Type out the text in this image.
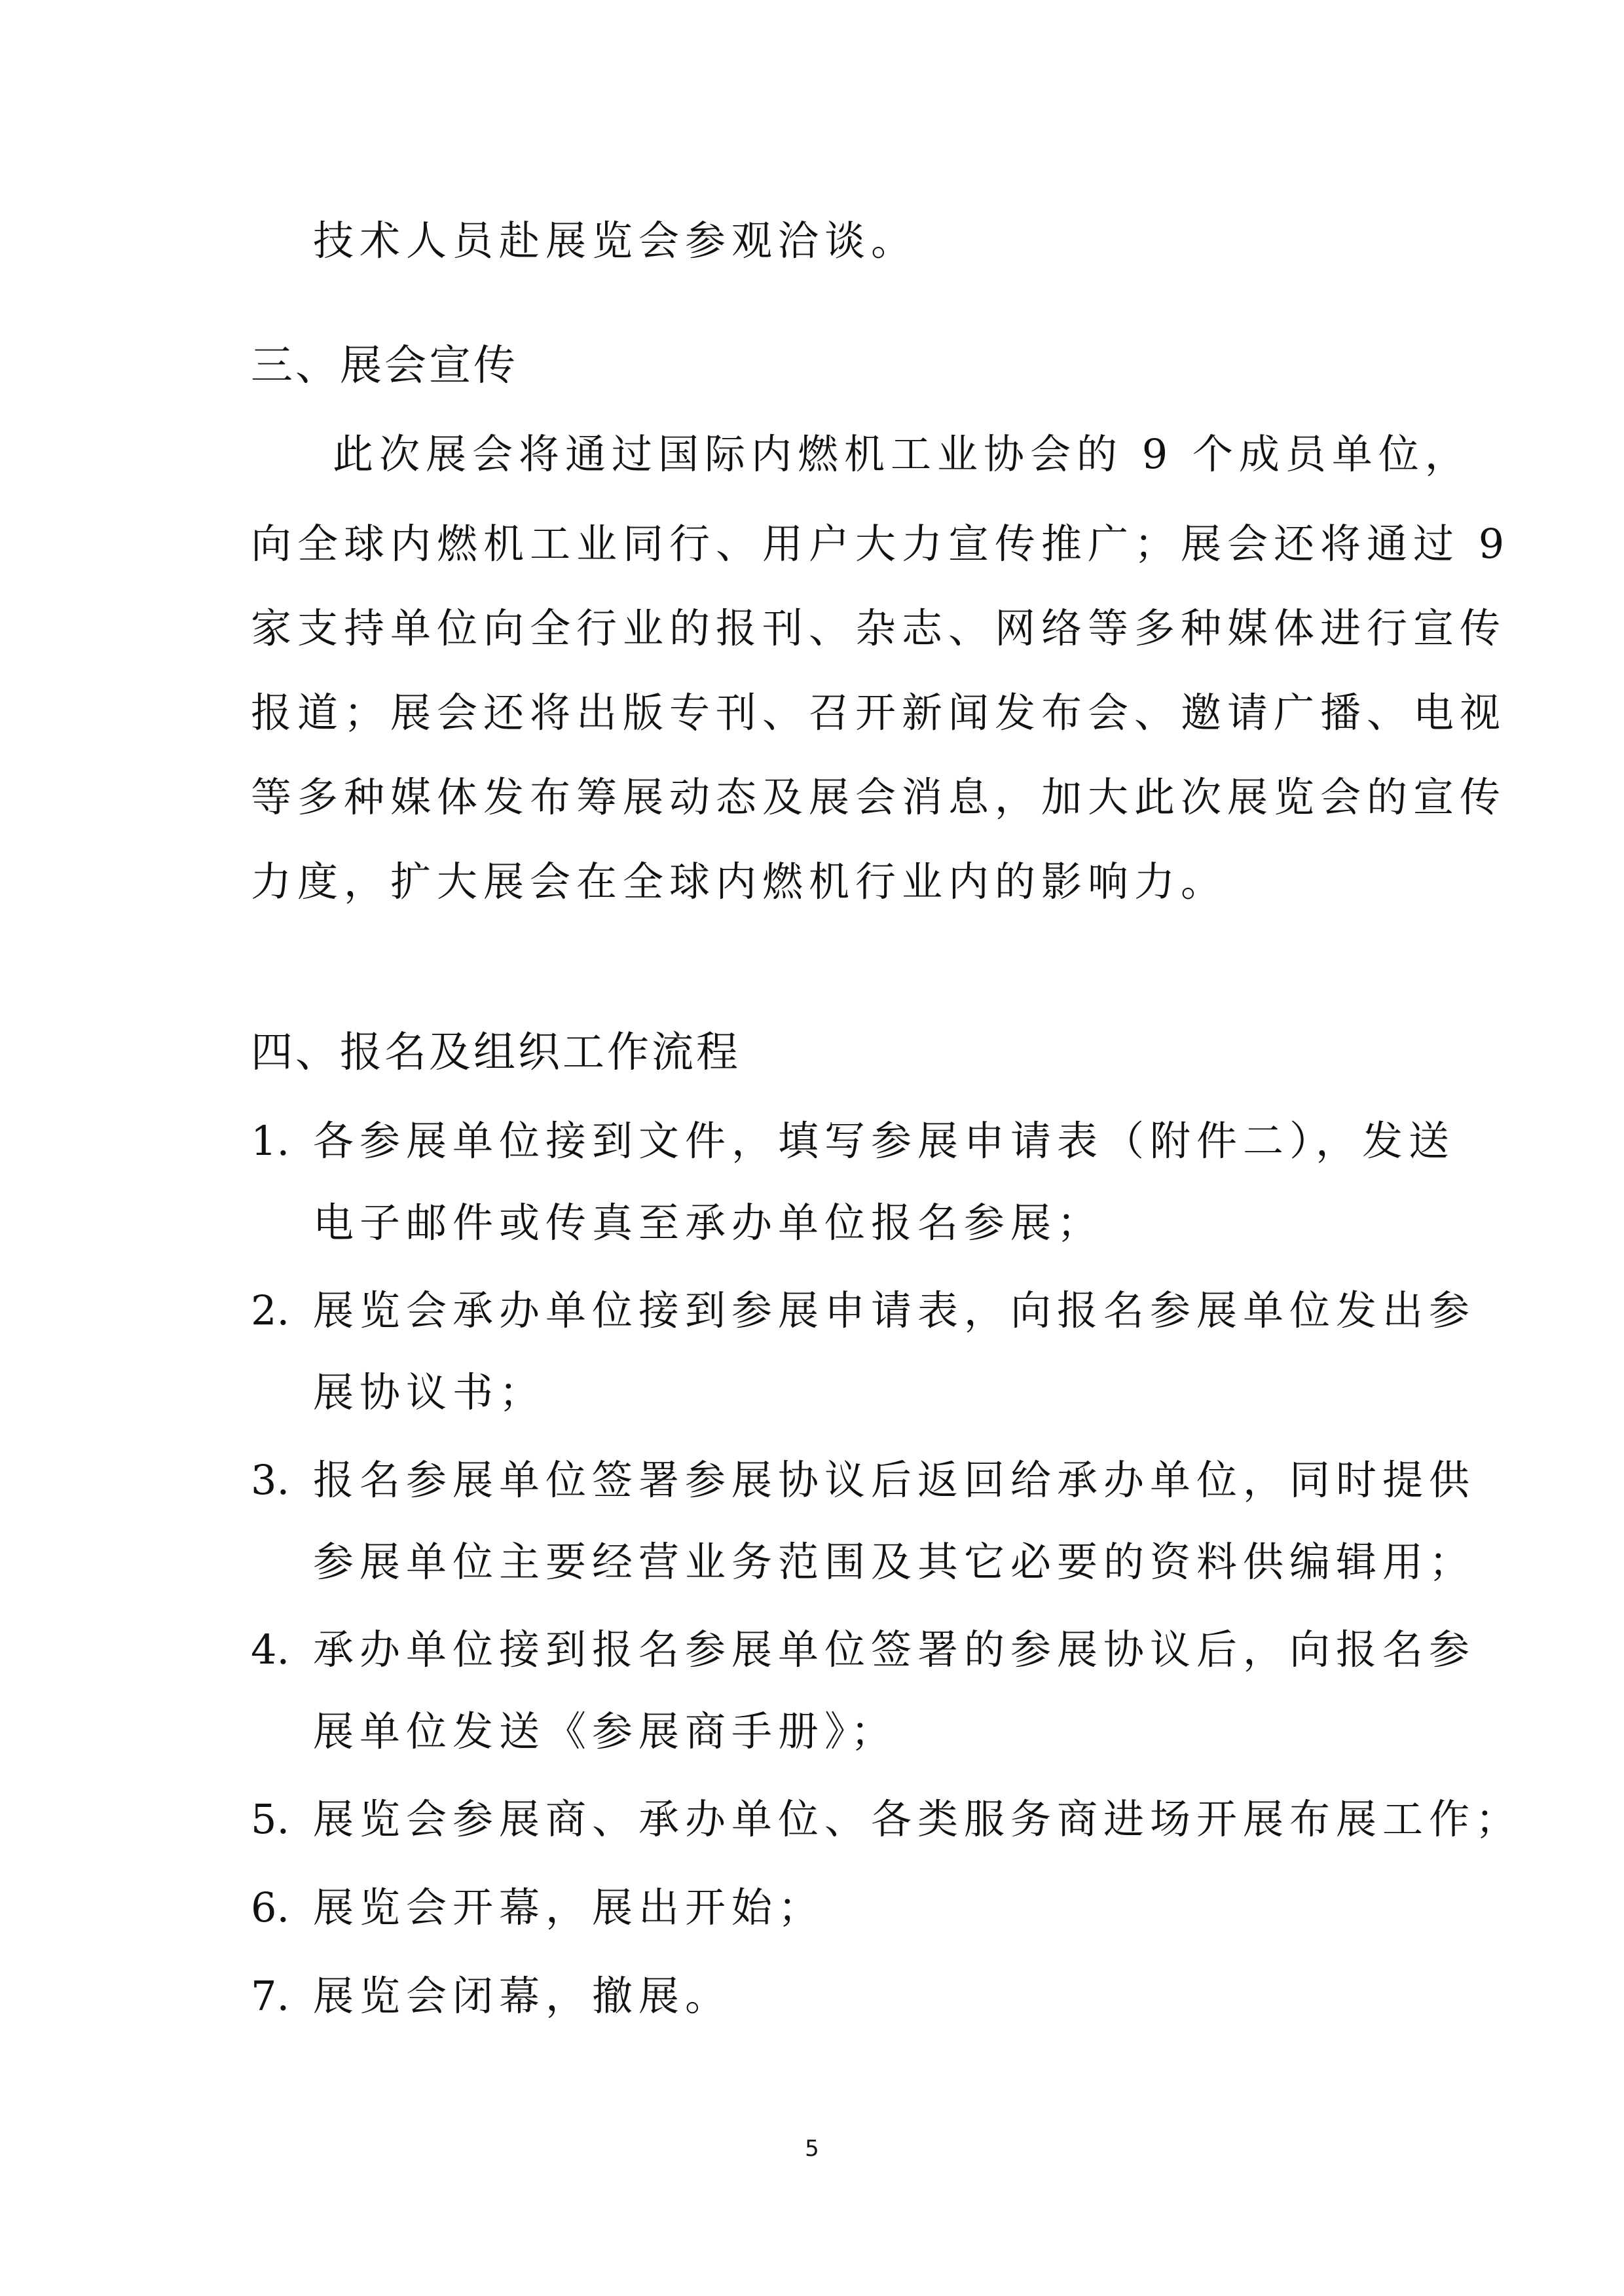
技术人员赴展览会参观洽谈。
三、展会宣传
此次展会将通过国际内燃机工业协会的 9 个成员单位，
向全球内燃机工业同行、用户大力宣传推广；展会还将通过 9
家支持单位向全行业的报刊、杂志、网络等多种媒体进行宣传
报道；展会还将出版专刊、召开新闻发布会、邀请广播、电视
等多种媒体发布筹展动态及展会消息，加大此次展览会的宣传
力度，扩大展会在全球内燃机行业内的影响力。
四、报名及组织工作流程
1. 各参展单位接到文件，填写参展申请表（附件二），发送
电子邮件或传真至承办单位报名参展；
2. 展览会承办单位接到参展申请表，向报名参展单位发出参
展协议书；
3. 报名参展单位签署参展协议后返回给承办单位，同时提供
参展单位主要经营业务范围及其它必要的资料供编辑用；
4. 承办单位接到报名参展单位签署的参展协议后，向报名参
展单位发送《参展商手册》；
5. 展览会参展商、承办单位、各类服务商进场开展布展工作；
6. 展览会开幕，展出开始；
7. 展览会闭幕，撤展。
5
